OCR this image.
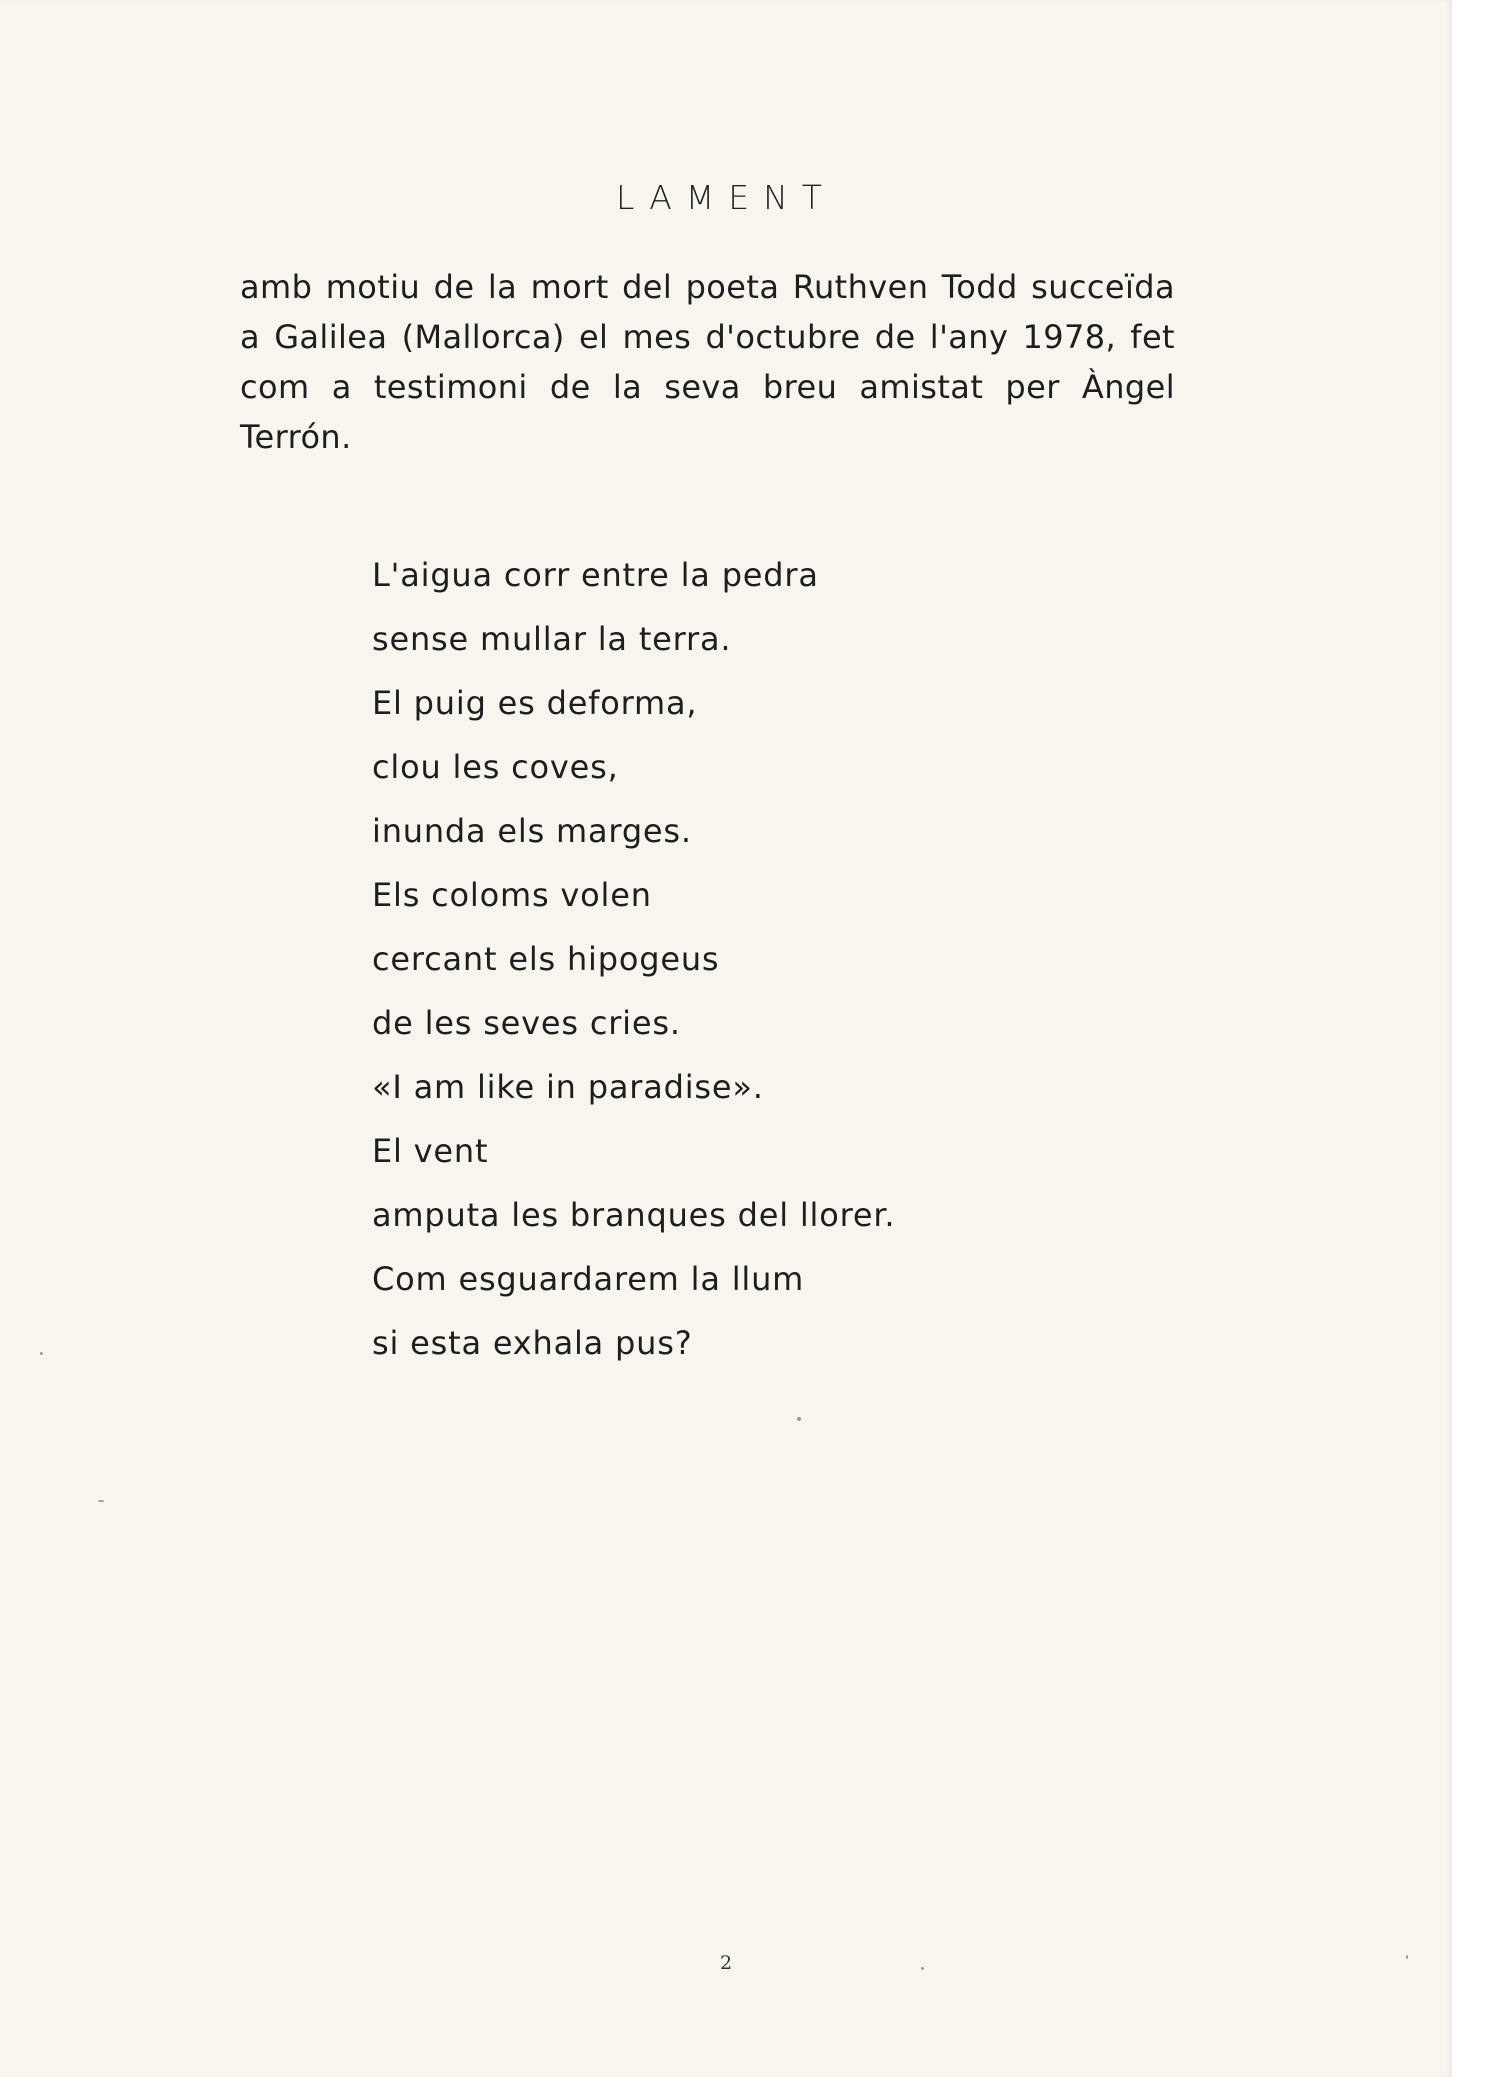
LAMENT

amb motiu de la mort del poeta Ruthven Todd succeïda a Galilea (Mallorca) el mes d'octubre de l'any 1978, fet com a testimoni de la seva breu amistat per Àngel Terrón.

L'aigua corr entre la pedra
sense mullar la terra.
El puig es deforma,
clou les coves,
inunda els marges.
Els coloms volen
cercant els hipogeus
de les seves cries.
«I am like in paradise».
El vent
amputa les branques del llorer.
Com esguardarem la llum
si esta exhala pus?
2
